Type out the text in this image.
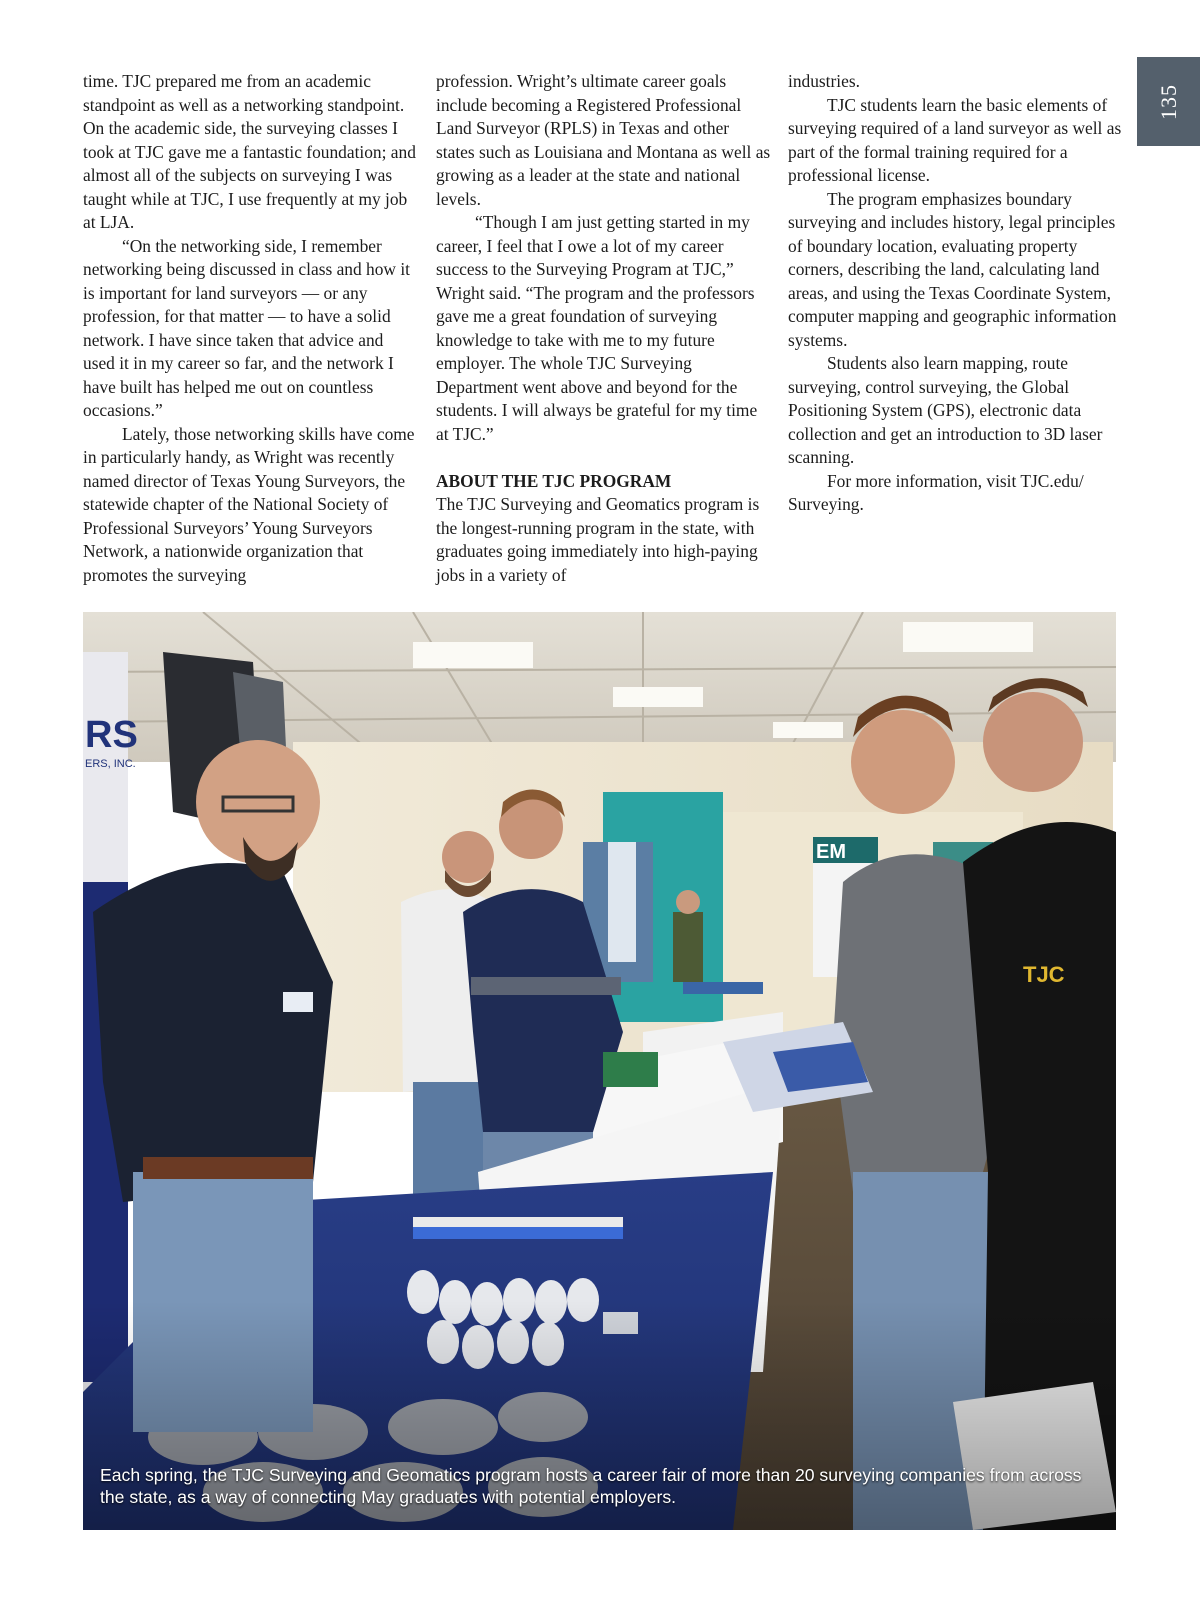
135

time. TJC prepared me from an academic standpoint as well as a networking standpoint. On the academic side, the surveying classes I took at TJC gave me a fantastic foundation; and almost all of the subjects on surveying I was taught while at TJC, I use frequently at my job at LJA.

“On the networking side, I remember networking being discussed in class and how it is important for land surveyors — or any profession, for that matter — to have a solid network. I have since taken that advice and used it in my career so far, and the network I have built has helped me out on countless occasions.”

Lately, those networking skills have come in particularly handy, as Wright was recently named director of Texas Young Surveyors, the statewide chapter of the National Society of Professional Surveyors’ Young Surveyors Network, a nationwide organization that promotes the surveying

profession. Wright’s ultimate career goals include becoming a Registered Professional Land Surveyor (RPLS) in Texas and other states such as Louisiana and Montana as well as growing as a leader at the state and national levels.

“Though I am just getting started in my career, I feel that I owe a lot of my career success to the Surveying Program at TJC,” Wright said. “The program and the professors gave me a great foundation of surveying knowledge to take with me to my future employer. The whole TJC Surveying Department went above and beyond for the students. I will always be grateful for my time at TJC.”

ABOUT THE TJC PROGRAM

The TJC Surveying and Geomatics program is the longest-running program in the state, with graduates going immediately into high-paying jobs in a variety of

industries.

TJC students learn the basic elements of surveying required of a land surveyor as well as part of the formal training required for a professional license.

The program emphasizes boundary surveying and includes history, legal principles of boundary location, evaluating property corners, describing the land, calculating land areas, and using the Texas Coordinate System, computer mapping and geographic information systems.

Students also learn mapping, route surveying, control surveying, the Global Positioning System (GPS), electronic data collection and get an introduction to 3D laser scanning.

For more information, visit TJC.edu/ Surveying.

Each spring, the TJC Surveying and Geomatics program hosts a career fair of more than 20 surveying companies from across the state, as a way of connecting May graduates with potential employers.
